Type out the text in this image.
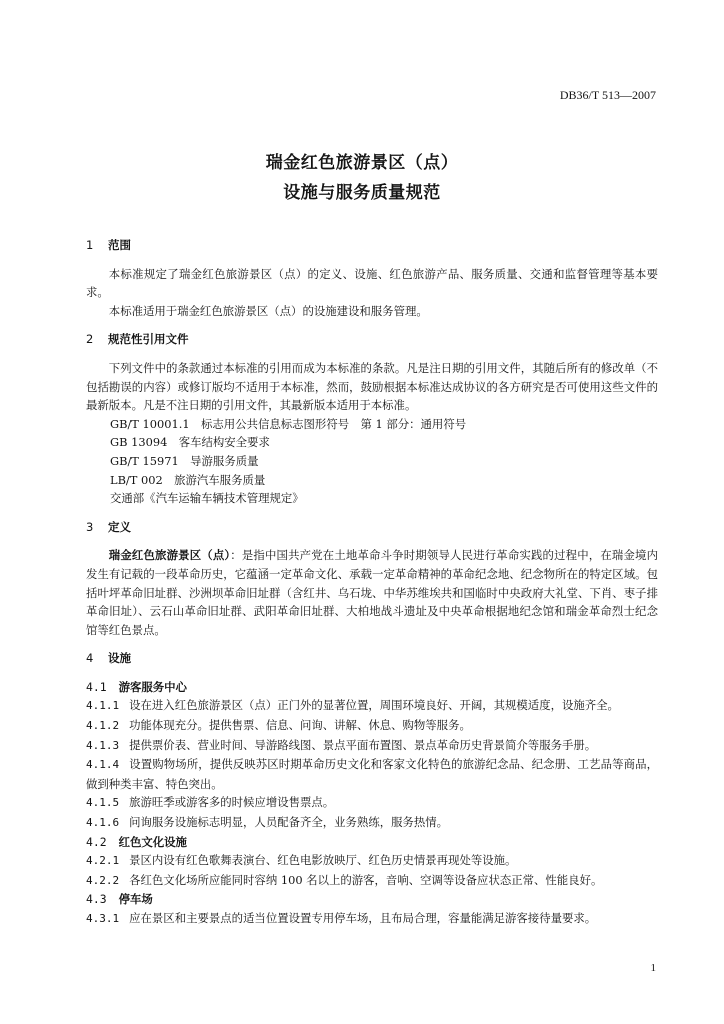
DB36/T 513—2007
瑞金红色旅游景区（点）
设施与服务质量规范

1 范围

本标准规定了瑞金红色旅游景区（点）的定义、设施、红色旅游产品、服务质量、交通和监督管理等基本要求。

本标准适用于瑞金红色旅游景区（点）的设施建设和服务管理。

2 规范性引用文件

下列文件中的条款通过本标准的引用而成为本标准的条款。凡是注日期的引用文件，其随后所有的修改单（不包括勘误的内容）或修订版均不适用于本标准，然而，鼓励根据本标准达成协议的各方研究是否可使用这些文件的最新版本。凡是不注日期的引用文件，其最新版本适用于本标准。

GB/T 10001.1　标志用公共信息标志图形符号　第 1 部分：通用符号

GB 13094　客车结构安全要求

GB/T 15971　导游服务质量

LB/T 002　旅游汽车服务质量

交通部《汽车运输车辆技术管理规定》

3 定义

瑞金红色旅游景区（点）：是指中国共产党在土地革命斗争时期领导人民进行革命实践的过程中，在瑞金境内发生有记载的一段革命历史，它蕴涵一定革命文化、承载一定革命精神的革命纪念地、纪念物所在的特定区域。包括叶坪革命旧址群、沙洲坝革命旧址群（含红井、乌石垅、中华苏维埃共和国临时中央政府大礼堂、下肖、枣子排革命旧址）、云石山革命旧址群、武阳革命旧址群、大柏地战斗遗址及中央革命根据地纪念馆和瑞金革命烈士纪念馆等红色景点。

4 设施

4.1 游客服务中心

4.1.1 设在进入红色旅游景区（点）正门外的显著位置，周围环境良好、开阔，其规模适度，设施齐全。

4.1.2 功能体现充分。提供售票、信息、问询、讲解、休息、购物等服务。

4.1.3 提供票价表、营业时间、导游路线图、景点平面布置图、景点革命历史背景简介等服务手册。

4.1.4 设置购物场所，提供反映苏区时期革命历史文化和客家文化特色的旅游纪念品、纪念册、工艺品等商品，做到种类丰富、特色突出。

4.1.5 旅游旺季或游客多的时候应增设售票点。

4.1.6 问询服务设施标志明显，人员配备齐全，业务熟练，服务热情。

4.2 红色文化设施

4.2.1 景区内设有红色歌舞表演台、红色电影放映厅、红色历史情景再现处等设施。

4.2.2 各红色文化场所应能同时容纳 100 名以上的游客，音响、空调等设备应状态正常、性能良好。

4.3 停车场

4.3.1 应在景区和主要景点的适当位置设置专用停车场，且布局合理，容量能满足游客接待量要求。

1
